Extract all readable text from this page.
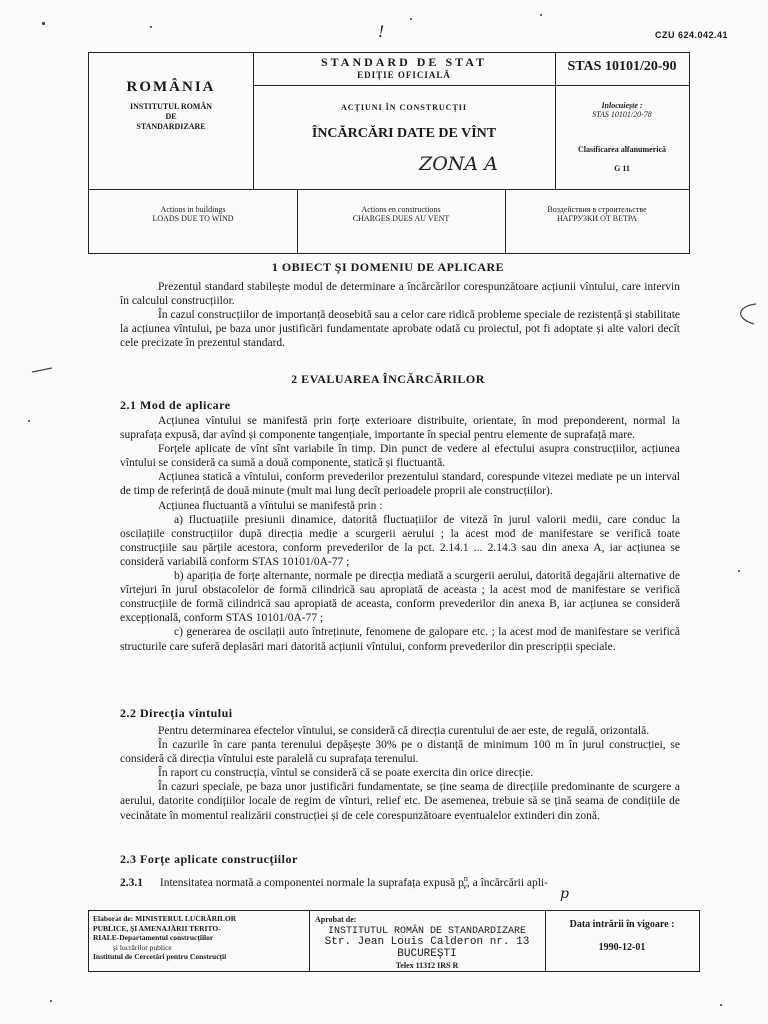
!	CZU 624.042.41
ROMÂNIA
INSTITUTUL ROMÂN
DE
STANDARDIZARE
STANDARD DE STAT
EDIȚIE OFICIALĂ
ACȚIUNI ÎN CONSTRUCȚII
ÎNCĂRCĂRI DATE DE VÎNT
ZONA A
STAS 10101/20-90
Inlocuiește :
STAS 10101/20-78
Clasificarea alfanumerică
G 11
Actions in buildings
LOADS DUE TO WIND
Actions en constructions
CHARGES DUES AU VENT
Воздействия в строительстве
НАГРУЗКИ ОТ ВЕТРА
1 OBIECT ŞI DOMENIU DE APLICARE

Prezentul standard stabilește modul de determinare a încărcărilor corespunzătoare acțiunii vîntului, care intervin în calculul construcțiilor.

În cazul construcțiilor de importanță deosebită sau a celor care ridică probleme speciale de rezistență și stabilitate la acțiunea vîntului, pe baza unor justificări fundamentate aprobate odată cu proiectul, pot fi adoptate și alte valori decît cele precizate în prezentul standard.

2 EVALUAREA ÎNCĂRCĂRILOR
2.1 Mod de aplicare

Acțiunea vîntului se manifestă prin forțe exterioare distribuite, orientate, în mod preponderent, normal la suprafața expusă, dar avînd și componente tangențiale, importante în special pentru elemente de suprafață mare.

Forțele aplicate de vînt sînt variabile în timp. Din punct de vedere al efectului asupra construcțiilor, acțiunea vîntului se consideră ca sumă a două componente, statică și fluctuantă.

Acțiunea statică a vîntului, conform prevederilor prezentului standard, corespunde vitezei mediate pe un interval de timp de referință de două minute (mult mai lung decît perioadele proprii ale construcțiilor).

Acțiunea fluctuantă a vîntului se manifestă prin :

a) fluctuațiile presiunii dinamice, datorită fluctuațiilor de viteză în jurul valorii medii, care conduc la oscilațiile construcțiilor după direcția medie a scurgerii aerului ; la acest mod de manifestare se verifică toate construcțiile sau părțile acestora, conform prevederilor de la pct. 2.14.1 ... 2.14.3 sau din anexa A, iar acțiunea se consideră variabilă conform STAS 10101/0A-77 ;

b) apariția de forțe alternante, normale pe direcția mediată a scurgerii aerului, datorită degajării alternative de vîrtejuri în jurul obstacolelor de formă cilindrică sau apropiată de aceasta ; la acest mod de manifestare se verifică construcțiile de formă cilindrică sau apropiată de aceasta, conform prevederilor din anexa B, iar acțiunea se consideră excepțională, conform STAS 10101/0A-77 ;

c) generarea de oscilații auto întreținute, fenomene de galopare etc. ; la acest mod de manifestare se verifică structurile care suferă deplasări mari datorită acțiunii vîntului, conform prevederilor din prescripții speciale.

2.2 Direcția vîntului

Pentru determinarea efectelor vîntului, se consideră că direcția curentului de aer este, de regulă, orizontală.

În cazurile în care panta terenului depășește 30% pe o distanță de minimum 100 m în jurul construcției, se consideră că direcția vîntului este paralelă cu suprafața terenului.

În raport cu construcția, vîntul se consideră că se poate exercita din orice direcție.

În cazuri speciale, pe baza unor justificări fundamentate, se ține seama de direcțiile predominante de scurgere a aerului, datorite condițiilor locale de regim de vînturi, relief etc. De asemenea, trebuie să se țină seama de condițiile de vecinătate în momentul realizării construcției și de cele corespunzătoare eventualelor extinderi din zonă.

2.3 Forțe aplicate construcțiilor
2.3.1 Intensitatea normată a componentei normale la suprafața expusă $p^n_v$, a încărcării apli-
p
Elaborat de: MINISTERUL LUCRĂRILOR
PUBLICE, ŞI AMENAJĂRII TERITO-
RIALE-Departamentul construcțiilor
şi lucrărilor publice
Institutul de Cercetări pentru Construcții
Aprobat de:
INSTITUTUL ROMÂN DE STANDARDIZARE
Str. Jean Louis Calderon nr. 13
BUCUREŞTI
Telex 11312 IRS R
Data intrării în vigoare :
1990-12-01
